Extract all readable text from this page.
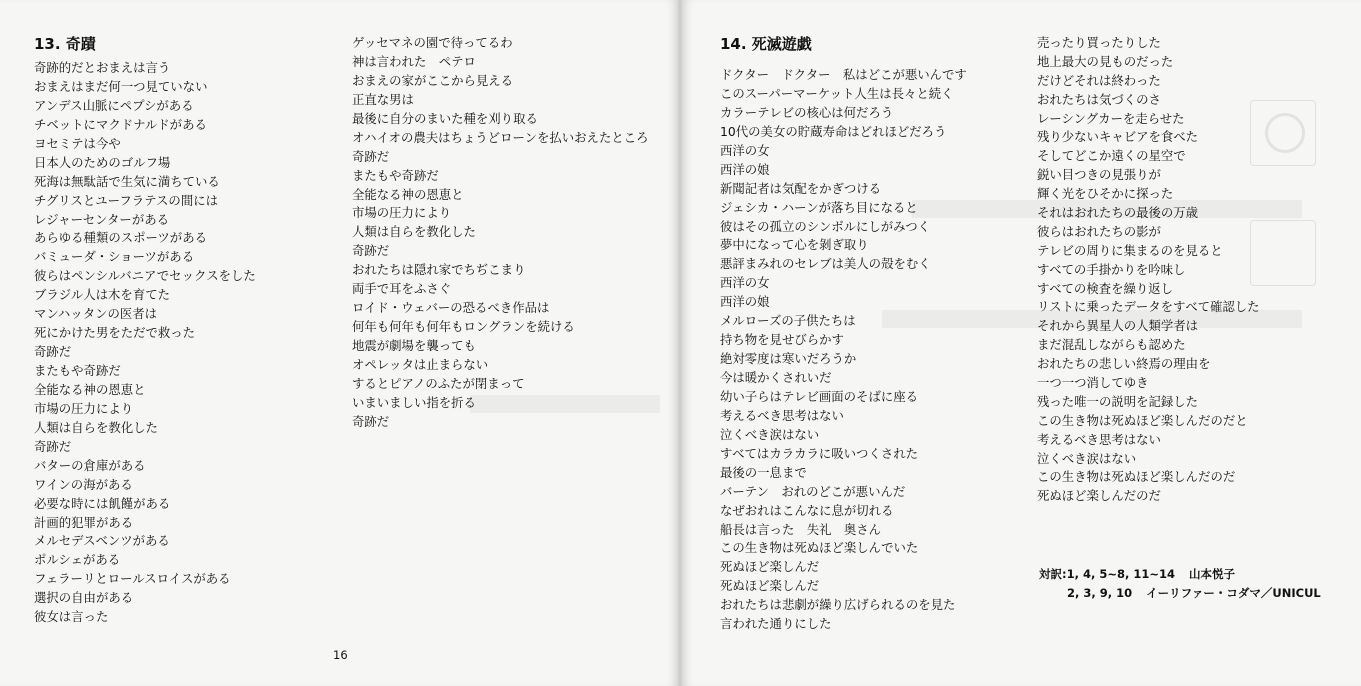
13. 奇蹟
奇跡的だとおまえは言う
おまえはまだ何一つ見ていない
アンデス山脈にペプシがある
チベットにマクドナルドがある
ヨセミテは今や
日本人のためのゴルフ場
死海は無駄話で生気に満ちている
チグリスとユーフラテスの間には
レジャーセンターがある
あらゆる種類のスポーツがある
バミューダ・ショーツがある
彼らはペンシルバニアでセックスをした
ブラジル人は木を育てた
マンハッタンの医者は
死にかけた男をただで救った
奇跡だ
またもや奇跡だ
全能なる神の恩恵と
市場の圧力により
人類は自らを教化した
奇跡だ
バターの倉庫がある
ワインの海がある
必要な時には飢饉がある
計画的犯罪がある
メルセデスベンツがある
ポルシェがある
フェラーリとロールスロイスがある
選択の自由がある
彼女は言った
ゲッセマネの園で待ってるわ
神は言われた　ペテロ
おまえの家がここから見える
正直な男は
最後に自分のまいた種を刈り取る
オハイオの農夫はちょうどローンを払いおえたところ
奇跡だ
またもや奇跡だ
全能なる神の恩恵と
市場の圧力により
人類は自らを教化した
奇跡だ
おれたちは隠れ家でちぢこまり
両手で耳をふさぐ
ロイド・ウェバーの恐るべき作品は
何年も何年も何年もロングランを続ける
地震が劇場を襲っても
オペレッタは止まらない
するとピアノのふたが閉まって
いまいましい指を折る
奇跡だ
16
14. 死滅遊戯
ドクター　ドクター　私はどこが悪いんです
このスーパーマーケット人生は長々と続く
カラーテレビの核心は何だろう
10代の美女の貯蔵寿命はどれほどだろう
西洋の女
西洋の娘
新聞記者は気配をかぎつける
ジェシカ・ハーンが落ち目になると
彼はその孤立のシンボルにしがみつく
夢中になって心を剝ぎ取り
悪評まみれのセレブは美人の殻をむく
西洋の女
西洋の娘
メルローズの子供たちは
持ち物を見せびらかす
絶対零度は寒いだろうか
今は暖かくされいだ
幼い子らはテレビ画面のそばに座る
考えるべき思考はない
泣くべき涙はない
すべてはカラカラに吸いつくされた
最後の一息まで
バーテン　おれのどこが悪いんだ
なぜおれはこんなに息が切れる
船長は言った　失礼　奥さん
この生き物は死ぬほど楽しんでいた
死ぬほど楽しんだ
死ぬほど楽しんだ
おれたちは悲劇が繰り広げられるのを見た
言われた通りにした
売ったり買ったりした
地上最大の見ものだった
だけどそれは終わった
おれたちは気づくのさ
レーシングカーを走らせた
残り少ないキャビアを食べた
そしてどこか遠くの星空で
鋭い目つきの見張りが
輝く光をひそかに探った
それはおれたちの最後の万歳
彼らはおれたちの影が
テレビの周りに集まるのを見ると
すべての手掛かりを吟味し
すべての検査を繰り返し
リストに乗ったデータをすべて確認した
それから異星人の人類学者は
まだ混乱しながらも認めた
おれたちの悲しい終焉の理由を
一つ一つ消してゆき
残った唯一の説明を記録した
この生き物は死ぬほど楽しんだのだと
考えるべき思考はない
泣くべき涙はない
この生き物は死ぬほど楽しんだのだ
死ぬほど楽しんだのだ
対訳:1, 4, 5~8, 11~14 山本悦子
2, 3, 9, 10 イーリファー・コダマ／UNICUL
